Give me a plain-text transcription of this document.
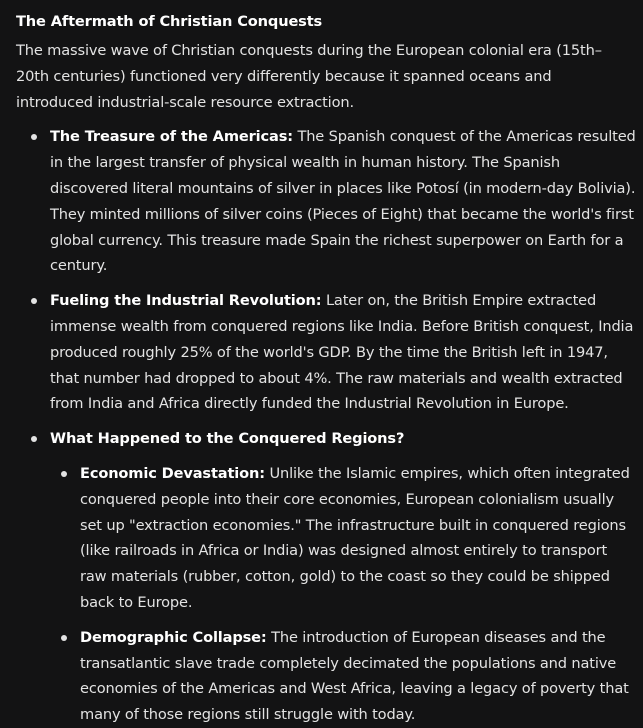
The Aftermath of Christian Conquests

The massive wave of Christian conquests during the European colonial era (15th–20th centuries) functioned very differently because it spanned oceans and introduced industrial-scale resource extraction.

The Treasure of the Americas: The Spanish conquest of the Americas resulted in the largest transfer of physical wealth in human history. The Spanish discovered literal mountains of silver in places like Potosí (in modern-day Bolivia). They minted millions of silver coins (Pieces of Eight) that became the world's first global currency. This treasure made Spain the richest superpower on Earth for a century.
Fueling the Industrial Revolution: Later on, the British Empire extracted immense wealth from conquered regions like India. Before British conquest, India produced roughly 25% of the world's GDP. By the time the British left in 1947, that number had dropped to about 4%. The raw materials and wealth extracted from India and Africa directly funded the Industrial Revolution in Europe.
What Happened to the Conquered Regions?
Economic Devastation: Unlike the Islamic empires, which often integrated conquered people into their core economies, European colonialism usually set up "extraction economies." The infrastructure built in conquered regions (like railroads in Africa or India) was designed almost entirely to transport raw materials (rubber, cotton, gold) to the coast so they could be shipped back to Europe.
Demographic Collapse: The introduction of European diseases and the transatlantic slave trade completely decimated the populations and native economies of the Americas and West Africa, leaving a legacy of poverty that many of those regions still struggle with today.
